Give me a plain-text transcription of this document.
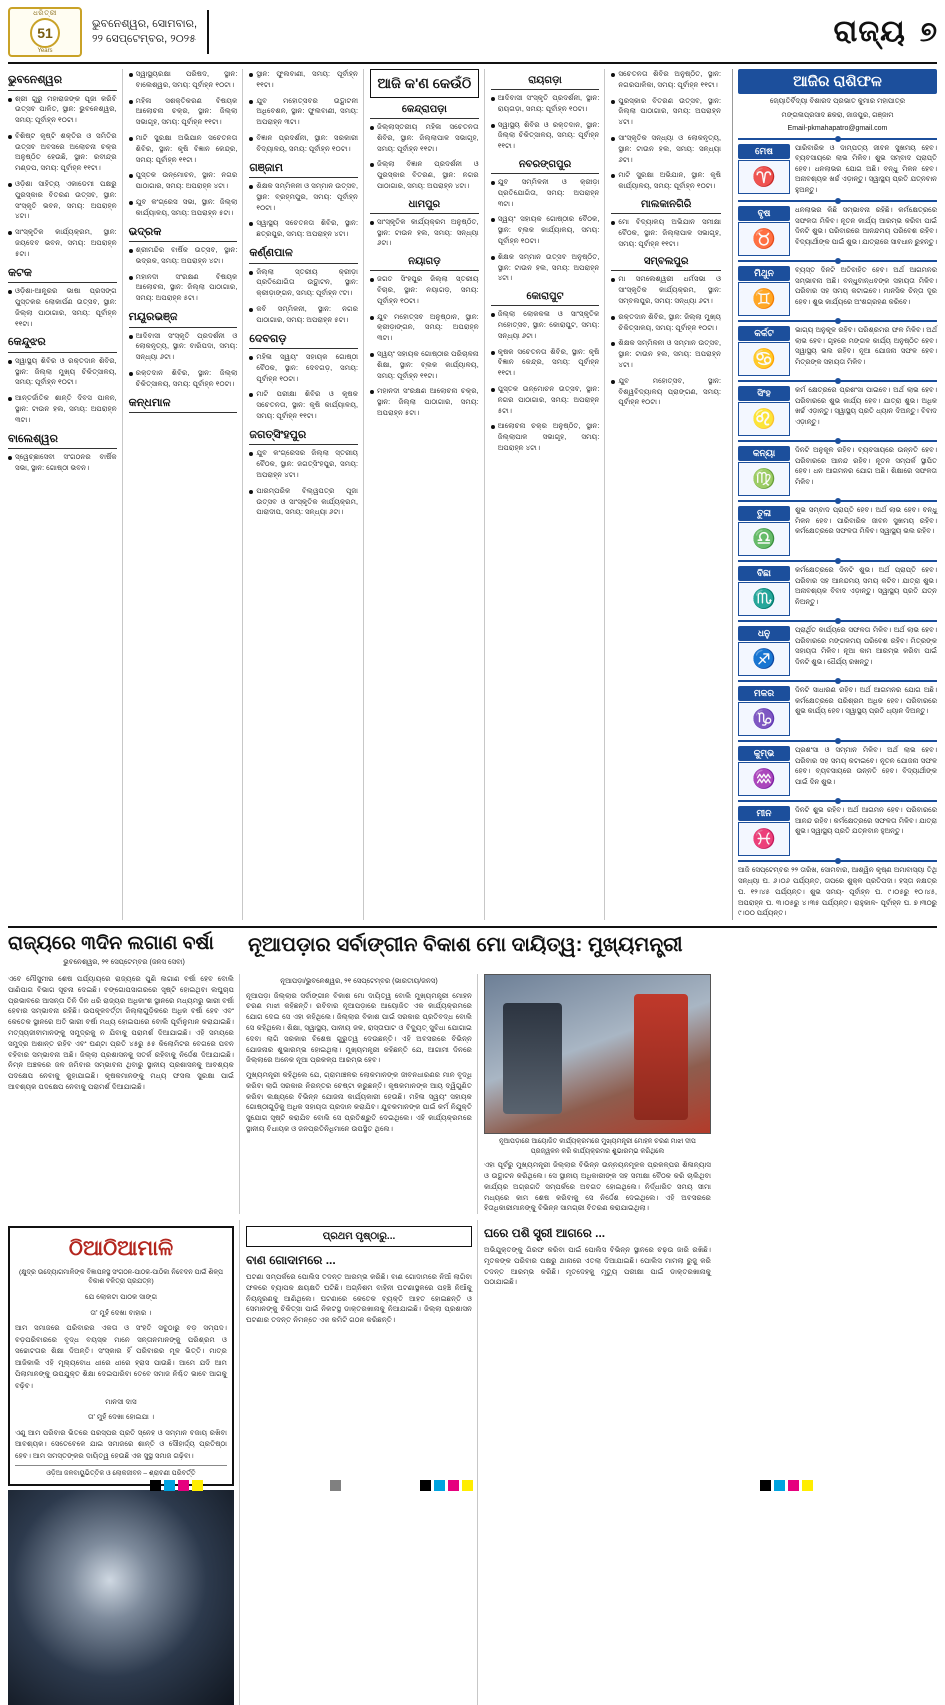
ଧରିତ୍ରୀ
51
Years
ଭୁବନେଶ୍ୱର, ସୋମବାର,
୨୨ ସେପ୍ଟେମ୍ବର, ୨୦୨୫	ରାଜ୍ୟ ୭
ଭୁବନେଶ୍ୱର
ଶ୍ରୀ ଗୁରୁ ମହାରାଜଙ୍କ ପୂଜା କରିବି ଉତ୍ସବ ପାଳିତ, ସ୍ଥାନ: ଭୁବନେଶ୍ୱର, ସମୟ: ପୂର୍ବାହ୍ନ ୧୦ଟା।
ବିଶିଷ୍ଟ କୃଷ୍ଟି ଶକ୍ତିର ଓ ସମିତିର ଉତ୍ସବ ଅବସରେ ଅଲୋଚନା ଚକ୍ର ଅନୁଷ୍ଠିତ ହେଉଛି, ସ୍ଥାନ: ରବୀନ୍ଦ୍ର ମଣ୍ଡପ, ସମୟ: ପୂର୍ବାହ୍ନ ୧୧ଟା।
ଓଡ଼ିଶା ସାହିତ୍ୟ ଏକାଡେମୀ ପକ୍ଷରୁ ପୁରସ୍କାର ବିତରଣ ଉତ୍ସବ, ସ୍ଥାନ: ସଂସ୍କୃତି ଭବନ, ସମୟ: ଅପରାହ୍ନ ୪ଟା।
ସାଂସ୍କୃତିକ କାର୍ଯ୍ୟକ୍ରମ, ସ୍ଥାନ: ଜୟଦେବ ଭବନ, ସମୟ: ଅପରାହ୍ନ ୫ଟା।
କଟକ
ଓଡ଼ିଶା-ଆନ୍ଧ୍ରର ଭାଷା ପ୍ରସଙ୍ଗ ପୁସ୍ତକର ଲୋକାର୍ପଣ ଉତ୍ସବ, ସ୍ଥାନ: ଜିଲ୍ଲା ପାଠାଗାର, ସମୟ: ପୂର୍ବାହ୍ନ ୧୧ଟା।
କେନ୍ଦୁଝର
ସ୍ୱାସ୍ଥ୍ୟ ଶିବିର ଓ ରକ୍ତଦାନ ଶିବିର, ସ୍ଥାନ: ଜିଲ୍ଲା ମୁଖ୍ୟ ଚିକିତ୍ସାଳୟ, ସମୟ: ପୂର୍ବାହ୍ନ ୧୦ଟା।
ଆନ୍ତର୍ଜାତିକ ଶାନ୍ତି ଦିବସ ପାଳନ, ସ୍ଥାନ: ଟାଉନ ହଲ, ସମୟ: ଅପରାହ୍ନ ୩ଟା।
ବାଲେଶ୍ୱର
ସ୍ୱେଚ୍ଛାସେବୀ ସଂଗଠନର ବାର୍ଷିକ ସଭା, ସ୍ଥାନ: ଗୋଷ୍ଠୀ ଭବନ।
ସ୍ୱାସ୍ଥ୍ୟରକ୍ଷା ପରିଷଦ, ସ୍ଥାନ: ବାଲେଶ୍ୱର, ସମୟ: ପୂର୍ବାହ୍ନ ୧୦ଟା।
ମହିଳା ସଶକ୍ତିକରଣ ବିଷୟକ ଆଲୋଚନା ଚକ୍ର, ସ୍ଥାନ: ଜିଲ୍ଲା ସଭାଗୃହ, ସମୟ: ପୂର୍ବାହ୍ନ ୧୧ଟା।
ମାଟି ସୁରକ୍ଷା ଅଭିଯାନ ସଚେତନତା ଶିବିର, ସ୍ଥାନ: କୃଷି ବିଜ୍ଞାନ କେନ୍ଦ୍ର, ସମୟ: ପୂର୍ବାହ୍ନ ୧୧ଟା।
ପୁସ୍ତକ ଉନ୍ମୋଚନ, ସ୍ଥାନ: ନଗର ପାଠାଗାର, ସମୟ: ଅପରାହ୍ନ ୪ଟା।
ଯୁବ କଂଗ୍ରେସ ସଭା, ସ୍ଥାନ: ଜିଲ୍ଲା କାର୍ଯ୍ୟାଳୟ, ସମୟ: ଅପରାହ୍ନ ୫ଟା।
ଭଦ୍ରକ
ଶ୍ରୀମନ୍ଦିର ବାର୍ଷିକ ଉତ୍ସବ, ସ୍ଥାନ: ଭଦ୍ରକ, ସମୟ: ଅପରାହ୍ନ ୪ଟା।
ମହାନଦୀ ସଂରକ୍ଷଣ ବିଷୟକ ଆଲୋଚନା, ସ୍ଥାନ: ଜିଲ୍ଲା ପାଠାଗାର, ସମୟ: ଅପରାହ୍ନ ୫ଟା।
ମୟୂରଭଞ୍ଜ
ଆଦିବାସୀ ସଂସ୍କୃତି ପ୍ରଦର୍ଶନୀ ଓ ଲୋକନୃତ୍ୟ, ସ୍ଥାନ: ବାରିପଦା, ସମୟ: ସନ୍ଧ୍ୟା ୬ଟା।
ରକ୍ତଦାନ ଶିବିର, ସ୍ଥାନ: ଜିଲ୍ଲା ଚିକିତ୍ସାଳୟ, ସମୟ: ପୂର୍ବାହ୍ନ ୧୦ଟା।
କନ୍ଧମାଳ
ସ୍ଥାନ: ଫୁଲବାଣୀ, ସମୟ: ପୂର୍ବାହ୍ନ ୧୧ଟା।
ଯୁବ ମହୋତ୍ସବର ଉଦ୍ଘାଟନୀ ଅଧିବେଶନ, ସ୍ଥାନ: ଫୁଲବାଣୀ, ସମୟ: ଅପରାହ୍ନ ୩ଟା।
ବିଜ୍ଞାନ ପ୍ରଦର୍ଶନୀ, ସ୍ଥାନ: ସରକାରୀ ବିଦ୍ୟାଳୟ, ସମୟ: ପୂର୍ବାହ୍ନ ୧୦ଟା।
ଗଞ୍ଜାମ
ଶିକ୍ଷକ ସମ୍ମିଳନୀ ଓ ସମ୍ମାନ ଉତ୍ସବ, ସ୍ଥାନ: ବ୍ରହ୍ମପୁର, ସମୟ: ପୂର୍ବାହ୍ନ ୧୦ଟା।
ସ୍ୱାସ୍ଥ୍ୟ ସଚେତନତା ଶିବିର, ସ୍ଥାନ: ଛତ୍ରପୁର, ସମୟ: ଅପରାହ୍ନ ୪ଟା।
କର୍ଣ୍ଣପାଳ
ଜିଲ୍ଲା ସ୍ତରୀୟ କ୍ରୀଡ଼ା ପ୍ରତିଯୋଗିତା ଉଦ୍ଘାଟନ, ସ୍ଥାନ: କ୍ରୀଡ଼ାଙ୍ଗନ, ସମୟ: ପୂର୍ବାହ୍ନ ୯ଟା।
କବି ସମ୍ମିଳନୀ, ସ୍ଥାନ: ନଗର ପାଠାଗାର, ସମୟ: ଅପରାହ୍ନ ୫ଟା।
ଦେବଗଡ଼
ମହିଳା ସ୍ୱୟଂ ସହାୟକ ଗୋଷ୍ଠୀ ବୈଠକ, ସ୍ଥାନ: ଦେବଗଡ଼, ସମୟ: ପୂର୍ବାହ୍ନ ୧୦ଟା।
ମାଟି ପରୀକ୍ଷା ଶିବିର ଓ କୃଷକ ସଚେତନତା, ସ୍ଥାନ: କୃଷି କାର୍ଯ୍ୟାଳୟ, ସମୟ: ପୂର୍ବାହ୍ନ ୧୧ଟା।
ଜଗତ୍‌ସିଂହପୁର
ଯୁବ କଂଗ୍ରେସର ଜିଲ୍ଲା ସ୍ତରୀୟ ବୈଠକ, ସ୍ଥାନ: ଜଗତ୍‌ସିଂହପୁର, ସମୟ: ଅପରାହ୍ନ ୪ଟା।
ପାରମ୍ପରିକ ବିଲ୍ୱପତ୍ର ପୂଜା ଉତ୍ସବ ଓ ସାଂସ୍କୃତିକ କାର୍ଯ୍ୟକ୍ରମ, ପାରାଦୀପ, ସମୟ: ସନ୍ଧ୍ୟା ୬ଟା।
ଆଜି କ'ଣ କେଉଁଠି
କେନ୍ଦ୍ରାପଡ଼ା
ଜିଲ୍ଲାସ୍ତରୀୟ ମହିଳା ସଚେତନତା ଶିବିର, ସ୍ଥାନ: ଜିଲ୍ଲାପାଳ ସଭାଗୃହ, ସମୟ: ପୂର୍ବାହ୍ନ ୧୧ଟା।
ଜିଲ୍ଲା ବିଜ୍ଞାନ ପ୍ରଦର୍ଶନୀ ଓ ପୁରସ୍କାର ବିତରଣ, ସ୍ଥାନ: ନଗର ପାଠାଗାର, ସମୟ: ଅପରାହ୍ନ ୪ଟା।
ଧାମପୁର
ସାଂସ୍କୃତିକ କାର୍ଯ୍ୟକ୍ରମ ଅନୁଷ୍ଠିତ, ସ୍ଥାନ: ଟାଉନ ହଲ, ସମୟ: ସନ୍ଧ୍ୟା ୬ଟା।
ନୟାଗଡ଼
ଜଗତ ସିଂହପୁର ଜିଲ୍ଲା ସ୍ତରୀୟ ବିଚାର, ସ୍ଥାନ: ନୟାଗଡ଼, ସମୟ: ପୂର୍ବାହ୍ନ ୧୦ଟା।
ଯୁବ ମହୋତ୍ସବ ଅନୁଷ୍ଠାନ, ସ୍ଥାନ: କ୍ରୀଡ଼ାଙ୍ଗନ, ସମୟ: ଅପରାହ୍ନ ୩ଟା।
ସ୍ୱୟଂ ସହାୟକ ଗୋଷ୍ଠୀର ପରିଚାଳନା ଶିକ୍ଷା, ସ୍ଥାନ: ବ୍ଲକ କାର୍ଯ୍ୟାଳୟ, ସମୟ: ପୂର୍ବାହ୍ନ ୧୧ଟା।
ମହାନଦୀ ସଂରକ୍ଷଣ ଆଲୋଚନା ଚକ୍ର, ସ୍ଥାନ: ଜିଲ୍ଲା ପାଠାଗାର, ସମୟ: ଅପରାହ୍ନ ୫ଟା।
ରାୟଗଡ଼ା
ଆଦିବାସୀ ସଂସ୍କୃତି ପ୍ରଦର୍ଶନୀ, ସ୍ଥାନ: ରାୟଗଡ଼ା, ସମୟ: ପୂର୍ବାହ୍ନ ୧୦ଟା।
ସ୍ୱାସ୍ଥ୍ୟ ଶିବିର ଓ ରକ୍ତଦାନ, ସ୍ଥାନ: ଜିଲ୍ଲା ଚିକିତ୍ସାଳୟ, ସମୟ: ପୂର୍ବାହ୍ନ ୧୧ଟା।
ନବରଙ୍ଗପୁର
ଯୁବ ସମ୍ମିଳନୀ ଓ କ୍ରୀଡ଼ା ପ୍ରତିଯୋଗିତା, ସମୟ: ଅପରାହ୍ନ ୩ଟା।
ସ୍ୱୟଂ ସହାୟକ ଗୋଷ୍ଠୀର ବୈଠକ, ସ୍ଥାନ: ବ୍ଲକ କାର୍ଯ୍ୟାଳୟ, ସମୟ: ପୂର୍ବାହ୍ନ ୧୦ଟା।
ଶିକ୍ଷକ ସମ୍ମାନ ଉତ୍ସବ ଅନୁଷ୍ଠିତ, ସ୍ଥାନ: ଟାଉନ ହଲ, ସମୟ: ଅପରାହ୍ନ ୪ଟା।
କୋରାପୁଟ
ଜିଲ୍ଲା ଲୋକକଳା ଓ ସାଂସ୍କୃତିକ ମହୋତ୍ସବ, ସ୍ଥାନ: କୋରାପୁଟ, ସମୟ: ସନ୍ଧ୍ୟା ୬ଟା।
କୃଷକ ସଚେତନତା ଶିବିର, ସ୍ଥାନ: କୃଷି ବିଜ୍ଞାନ କେନ୍ଦ୍ର, ସମୟ: ପୂର୍ବାହ୍ନ ୧୧ଟା।
ପୁସ୍ତକ ଉନ୍ମୋଚନ ଉତ୍ସବ, ସ୍ଥାନ: ନଗର ପାଠାଗାର, ସମୟ: ଅପରାହ୍ନ ୫ଟା।
ଆଲୋଚନା ଚକ୍ର ଅନୁଷ୍ଠିତ, ସ୍ଥାନ: ଜିଲ୍ଲାପାଳ ସଭାଗୃହ, ସମୟ: ଅପରାହ୍ନ ୪ଟା।
ସଚେତନତା ଶିବିର ଅନୁଷ୍ଠିତ, ସ୍ଥାନ: ନଗରପାଳିକା, ସମୟ: ପୂର୍ବାହ୍ନ ୧୧ଟା।
ପୁରସ୍କାର ବିତରଣ ଉତ୍ସବ, ସ୍ଥାନ: ଜିଲ୍ଲା ପାଠାଗାର, ସମୟ: ଅପରାହ୍ନ ୪ଟା।
ସାଂସ୍କୃତିକ ସନ୍ଧ୍ୟା ଓ ଲୋକନୃତ୍ୟ, ସ୍ଥାନ: ଟାଉନ ହଲ, ସମୟ: ସନ୍ଧ୍ୟା ୬ଟା।
ମାଟି ସୁରକ୍ଷା ଅଭିଯାନ, ସ୍ଥାନ: କୃଷି କାର୍ଯ୍ୟାଳୟ, ସମୟ: ପୂର୍ବାହ୍ନ ୧୦ଟା।
ମାଲକାନଗିରି
ମୋ ବିଦ୍ୟାଳୟ ଅଭିଯାନ ସମୀକ୍ଷା ବୈଠକ, ସ୍ଥାନ: ଜିଲ୍ଲାପାଳ ସଭାଗୃହ, ସମୟ: ପୂର୍ବାହ୍ନ ୧୧ଟା।
ସମ୍ବଲପୁର
ମା ସମଲେଶ୍ୱରୀ ଧର୍ମସଭା ଓ ସାଂସ୍କୃତିକ କାର୍ଯ୍ୟକ୍ରମ, ସ୍ଥାନ: ସମ୍ବଲପୁର, ସମୟ: ସନ୍ଧ୍ୟା ୬ଟା।
ରକ୍ତଦାନ ଶିବିର, ସ୍ଥାନ: ଜିଲ୍ଲା ମୁଖ୍ୟ ଚିକିତ୍ସାଳୟ, ସମୟ: ପୂର୍ବାହ୍ନ ୧୦ଟା।
ଶିକ୍ଷକ ସମ୍ମିଳନୀ ଓ ସମ୍ମାନ ଉତ୍ସବ, ସ୍ଥାନ: ଟାଉନ ହଲ, ସମୟ: ଅପରାହ୍ନ ୪ଟା।
ଯୁବ ମହୋତ୍ସବ, ସ୍ଥାନ: ବିଶ୍ୱବିଦ୍ୟାଳୟ ପ୍ରାଙ୍ଗଣ, ସମୟ: ପୂର୍ବାହ୍ନ ୧୦ଟା।
ଆଜିର ରାଶିଫଳ
ଜ୍ୟୋତିର୍ବିଦ୍ୟା ବିଶାରଦ ପ୍ରଭାତ କୁମାର ମହାପାତ୍ର
ମଙ୍ଗଳାପ୍ରସାଦ ଛକରା, ଜାଜପୁର, ଗଞ୍ଜାମ
Email-pkmahapatro@gmail.com
ମେଷ
♈
ପାରିବାରିକ ଓ ଦାମ୍ପତ୍ୟ ଜୀବନ ସୁଖମୟ ହେବ। ବ୍ୟବସାୟରେ ଲାଭ ମିଳିବ। ଶୁଭ ସମ୍ବାଦ ପ୍ରାପ୍ତି ହେବ। ଧନଲାଭର ଯୋଗ ଅଛି। ବନ୍ଧୁ ମିଳନ ହେବ। ଅନାବଶ୍ୟକ ଖର୍ଚ୍ଚ ଏଡ଼ାନ୍ତୁ। ସ୍ୱାସ୍ଥ୍ୟ ପ୍ରତି ଯତ୍ନବାନ ହୁଅନ୍ତୁ।
ବୃଷ
♉
ଧନଲାଭର କିଛି ସମ୍ଭାବନା ରହିଛି। କର୍ମକ୍ଷେତ୍ରରେ ସଫଳତା ମିଳିବ। ନୂତନ କାର୍ଯ୍ୟ ଆରମ୍ଭ କରିବା ପାଇଁ ଦିନଟି ଶୁଭ। ପରିବାରରେ ଆନନ୍ଦମୟ ପରିବେଶ ରହିବ। ବିଦ୍ୟାର୍ଥୀଙ୍କ ପାଇଁ ଶୁଭ। ଯାତ୍ରାରେ ସାବଧାନ ରୁହନ୍ତୁ।
ମିଥୁନ
♊
ବ୍ୟସ୍ତ ଦିନଟି ଅତିବାହିତ ହେବ। ଅର୍ଥ ଆଗମନର ସମ୍ଭାବନା ଅଛି। ବନ୍ଧୁବାନ୍ଧବଙ୍କ ସହାୟତା ମିଳିବ। ପରିବାର ସହ ସମୟ କଟାଇବେ। ମାନସିକ ଚିନ୍ତା ଦୂର ହେବ। ଶୁଭ କାର୍ଯ୍ୟରେ ଅଂଶଗ୍ରହଣ କରିବେ।
କର୍କଟ
♋
ଭାଗ୍ୟ ଅନୁକୂଳ ରହିବ। ପରିଶ୍ରମର ଫଳ ମିଳିବ। ଅର୍ଥ ଲାଭ ହେବ। ଗୃହରେ ମଙ୍ଗଳ କାର୍ଯ୍ୟ ଅନୁଷ୍ଠିତ ହେବ। ସ୍ୱାସ୍ଥ୍ୟ ଭଲ ରହିବ। ନୂଆ ଯୋଜନା ସଫଳ ହେବ। ମିତ୍ରଙ୍କ ସହାୟତା ମିଳିବ।
ସିଂହ
♌
କର୍ମ କ୍ଷେତ୍ରରେ ପ୍ରଶଂସା ପାଇବେ। ଅର୍ଥ ଲାଭ ହେବ। ପରିବାରରେ ଶୁଭ କାର୍ଯ୍ୟ ହେବ। ଯାତ୍ରା ଶୁଭ। ଅଧିକ ଖର୍ଚ୍ଚ ଏଡ଼ାନ୍ତୁ। ସ୍ୱାସ୍ଥ୍ୟ ପ୍ରତି ଧ୍ୟାନ ଦିଅନ୍ତୁ। ବିବାଦ ଏଡ଼ାନ୍ତୁ।
କନ୍ୟା
♍
ଦିନଟି ଅନୁକୂଳ ରହିବ। ବ୍ୟବସାୟରେ ଉନ୍ନତି ହେବ। ପରିବାରରେ ଆନନ୍ଦ ରହିବ। ନୂତନ ସମ୍ପର୍କ ସ୍ଥାପିତ ହେବ। ଧନ ଆଗମନର ଯୋଗ ଅଛି। ଶିକ୍ଷାରେ ସଫଳତା ମିଳିବ।
ତୁଳା
♎
ଶୁଭ ସମ୍ବାଦ ପ୍ରାପ୍ତି ହେବ। ଅର୍ଥ ଲାଭ ହେବ। ବନ୍ଧୁ ମିଳନ ହେବ। ପାରିବାରିକ ଜୀବନ ସୁଖମୟ ରହିବ। କର୍ମକ୍ଷେତ୍ରରେ ସଫଳତା ମିଳିବ। ସ୍ୱାସ୍ଥ୍ୟ ଭଲ ରହିବ।
ବିଛା
♏
କର୍ମକ୍ଷେତ୍ରରେ ଦିନଟି ଶୁଭ। ଅର୍ଥ ପ୍ରାପ୍ତି ହେବ। ପରିବାର ସହ ଆନନ୍ଦମୟ ସମୟ କଟିବ। ଯାତ୍ରା ଶୁଭ। ଅନାବଶ୍ୟକ ବିବାଦ ଏଡ଼ାନ୍ତୁ। ସ୍ୱାସ୍ଥ୍ୟ ପ୍ରତି ଯତ୍ନ ନିଅନ୍ତୁ।
ଧନୁ
♐
ପ୍ରାର୍ଥିତ କାର୍ଯ୍ୟରେ ସଫଳତା ମିଳିବ। ଅର୍ଥ ଲାଭ ହେବ। ପରିବାରରେ ମଙ୍ଗଳମୟ ପରିବେଶ ରହିବ। ମିତ୍ରଙ୍କ ସହାୟତା ମିଳିବ। ନୂଆ କାମ ଆରମ୍ଭ କରିବା ପାଇଁ ଦିନଟି ଶୁଭ। ଧୈର୍ଯ୍ୟ ରଖନ୍ତୁ।
ମକର
♑
ଦିନଟି ସାଧାରଣ ରହିବ। ଅର୍ଥ ଆଗମନର ଯୋଗ ଅଛି। କର୍ମକ୍ଷେତ୍ରରେ ପରିଶ୍ରମ ଅଧିକ ହେବ। ପରିବାରରେ ଶୁଭ କାର୍ଯ୍ୟ ହେବ। ସ୍ୱାସ୍ଥ୍ୟ ପ୍ରତି ଧ୍ୟାନ ଦିଅନ୍ତୁ।
କୁମ୍ଭ
♒
ପ୍ରଶଂସା ଓ ସମ୍ମାନ ମିଳିବ। ଅର୍ଥ ଲାଭ ହେବ। ପରିବାର ସହ ସମୟ କଟାଇବେ। ନୂତନ ଯୋଜନା ସଫଳ ହେବ। ବ୍ୟବସାୟରେ ଉନ୍ନତି ହେବ। ବିଦ୍ୟାର୍ଥୀଙ୍କ ପାଇଁ ଦିନ ଶୁଭ।
ମୀନ
♓
ଦିନଟି ଶୁଭ ରହିବ। ଅର୍ଥ ଆଗମନ ହେବ। ପରିବାରରେ ଆନନ୍ଦ ରହିବ। କର୍ମକ୍ଷେତ୍ରରେ ସଫଳତା ମିଳିବ। ଯାତ୍ରା ଶୁଭ। ସ୍ୱାସ୍ଥ୍ୟ ପ୍ରତି ଯତ୍ନବାନ ହୁଅନ୍ତୁ।
ଆଜି ସେପ୍ଟେମ୍ବର ୨୨ ତାରିଖ, ସୋମବାର, ଆଶ୍ୱିନ କୃଷ୍ଣ ଅମାବାସ୍ୟା ତିଥି ସନ୍ଧ୍ୟା ଘ. ୬।୦୬ ପର୍ଯ୍ୟନ୍ତ, ତାପରେ ଶୁକ୍ଳ ପ୍ରତିପଦା। ହସ୍ତା ନକ୍ଷତ୍ର ଘ. ୧୨।୪୫ ପର୍ଯ୍ୟନ୍ତ। ଶୁଭ ସମୟ- ପୂର୍ବାହ୍ନ ଘ. ୯।୦୫ରୁ ୧୦।୪୫, ଅପରାହ୍ନ ଘ. ୩।୦୫ରୁ ୪।୩୫ ପର୍ଯ୍ୟନ୍ତ। ରାହୁକାଳ- ପୂର୍ବାହ୍ନ ଘ. ୭।୩୦ରୁ ୯।୦୦ ପର୍ଯ୍ୟନ୍ତ।
ରାଜ୍ୟରେ ୩ଦିନ ଲଗାଣ ବର୍ଷା
ଭୁବନେଶ୍ୱର, ୨୧ ସେପ୍ଟେମ୍ବର (ଜନସ ସେବା)
ନୂଆପଡ଼ାର ସର୍ବାଙ୍ଗୀନ ବିକାଶ ମୋ ଦାୟିତ୍ୱ: ମୁଖ୍ୟମନ୍ତ୍ରୀ
ଏବେ ମୌସୁମୀର ଶେଷ ପର୍ଯ୍ୟାୟରେ ରାଜ୍ୟରେ ପୁଣି ଲଗାଣ ବର୍ଷା ହେବ ବୋଲି ପାଣିପାଗ ବିଭାଗ ସୂଚନା ଦେଇଛି। ବଙ୍ଗୋପସାଗରରେ ସୃଷ୍ଟି ହୋଇଥିବା ଲଘୁଚାପ ପ୍ରଭାବରେ ଆସନ୍ତା ତିନି ଦିନ ଧରି ରାଜ୍ୟର ଅଧିକାଂଶ ସ୍ଥାନରେ ମଧ୍ୟମରୁ ଭାରୀ ବର୍ଷା ହେବାର ସମ୍ଭାବନା ରହିଛି। ଉପକୂଳବର୍ତ୍ତୀ ଜିଲ୍ଲାଗୁଡ଼ିକରେ ଅଧିକ ବର୍ଷା ହେବ ଏବଂ କେତେକ ସ୍ଥାନରେ ଅତି ଭାରୀ ବର୍ଷା ମଧ୍ୟ ହୋଇପାରେ ବୋଲି ପୂର୍ବାନୁମାନ କରାଯାଇଛି। ମତ୍ସ୍ୟଜୀବୀମାନଙ୍କୁ ସମୁଦ୍ରକୁ ନ ଯିବାକୁ ପରାମର୍ଶ ଦିଆଯାଇଛି। ଏହି ସମୟରେ ସମୁଦ୍ର ଅଶାନ୍ତ ରହିବ ଏବଂ ଘଣ୍ଟା ପ୍ରତି ୪୫ରୁ ୫୫ କିଲୋମିଟର ବେଗରେ ପବନ ବହିବାର ସମ୍ଭାବନା ଅଛି। ଜିଲ୍ଲା ପ୍ରଶାସନକୁ ସତର୍କ ରହିବାକୁ ନିର୍ଦ୍ଦେଶ ଦିଆଯାଇଛି। ନିମ୍ନ ଅଞ୍ଚଳରେ ଜଳ ଜମିବାର ସମ୍ଭାବନା ଥିବାରୁ ସ୍ଥାନୀୟ ପ୍ରଶାସନକୁ ଆବଶ୍ୟକ ପଦକ୍ଷେପ ନେବାକୁ କୁହାଯାଇଛି। କୃଷକମାନଙ୍କୁ ମଧ୍ୟ ଫସଲ ସୁରକ୍ଷା ପାଇଁ ଆବଶ୍ୟକ ପଦକ୍ଷେପ ନେବାକୁ ପରାମର୍ଶ ଦିଆଯାଇଛି।
ନୂଆପଡ଼ା/ଭୁବନେଶ୍ୱର, ୨୧ ସେପ୍ଟେମ୍ବର (ଭାରତୀୟ/ଜନସ)
ନୂଆପଡ଼ା ଜିଲ୍ଲାର ସର୍ବାଙ୍ଗୀନ ବିକାଶ ମୋ ଦାୟିତ୍ୱ ବୋଲି ମୁଖ୍ୟମନ୍ତ୍ରୀ ମୋହନ ଚରଣ ମାଝୀ କହିଛନ୍ତି। ରବିବାର ନୂଆପଡ଼ାରେ ଆୟୋଜିତ ଏକ କାର୍ଯ୍ୟକ୍ରମରେ ଯୋଗ ଦେଇ ସେ ଏହା କହିଥିଲେ। ଜିଲ୍ଲାର ବିକାଶ ପାଇଁ ସରକାର ପ୍ରତିବଦ୍ଧ ବୋଲି ସେ କହିଥିଲେ। ଶିକ୍ଷା, ସ୍ୱାସ୍ଥ୍ୟ, ପାନୀୟ ଜଳ, ରାସ୍ତାଘାଟ ଓ ବିଦ୍ୟୁତ୍ ସୁବିଧା ଯୋଗାଇ ଦେବା ଲାଗି ସରକାର ବିଶେଷ ଗୁରୁତ୍ୱ ଦେଉଛନ୍ତି। ଏହି ଅବସରରେ ବିଭିନ୍ନ ଯୋଜନାର ଶୁଭାରମ୍ଭ ହୋଇଥିଲା। ମୁଖ୍ୟମନ୍ତ୍ରୀ କହିଛନ୍ତି ଯେ, ଆଗାମୀ ଦିନରେ ଜିଲ୍ଲାରେ ଅନେକ ନୂଆ ପ୍ରକଳ୍ପ ଆରମ୍ଭ ହେବ।
ମୁଖ୍ୟମନ୍ତ୍ରୀ କହିଥିଲେ ଯେ, ଗ୍ରାମାଞ୍ଚଳର ଲୋକମାନଙ୍କ ଜୀବନଧାରଣର ମାନ ବୃଦ୍ଧି କରିବା ଲାଗି ସରକାର ନିରନ୍ତର ଚେଷ୍ଟା କରୁଛନ୍ତି। କୃଷକମାନଙ୍କ ଆୟ ଦ୍ୱିଗୁଣିତ କରିବା ଲକ୍ଷ୍ୟରେ ବିଭିନ୍ନ ଯୋଜନା କାର୍ଯ୍ୟକାରୀ ହେଉଛି। ମହିଳା ସ୍ୱୟଂ ସହାୟକ ଗୋଷ୍ଠୀଗୁଡ଼ିକୁ ଅଧିକ ସହାୟତା ପ୍ରଦାନ କରାଯିବ। ଯୁବକମାନଙ୍କ ପାଇଁ କର୍ମ ନିଯୁକ୍ତି ସୁଯୋଗ ସୃଷ୍ଟି କରାଯିବ ବୋଲି ସେ ପ୍ରତିଶ୍ରୁତି ଦେଇଥିଲେ। ଏହି କାର୍ଯ୍ୟକ୍ରମରେ ସ୍ଥାନୀୟ ବିଧାୟକ ଓ ଜନପ୍ରତିନିଧିମାନେ ଉପସ୍ଥିତ ଥିଲେ।
ନୂଆପଡ଼ାରେ ଆୟୋଜିତ କାର୍ଯ୍ୟକ୍ରମରେ ମୁଖ୍ୟମନ୍ତ୍ରୀ ମୋହନ ଚରଣ ମାଝୀ ଦୀପ ପ୍ରଜ୍ୱଳନ କରି କାର୍ଯ୍ୟକ୍ରମର ଶୁଭାରମ୍ଭ କରିଥିଲେ
ଏହା ପୂର୍ବରୁ ମୁଖ୍ୟମନ୍ତ୍ରୀ ଜିଲ୍ଲାର ବିଭିନ୍ନ ଉନ୍ନୟନମୂଳକ ପ୍ରକଳ୍ପର ଶିଳାନ୍ୟାସ ଓ ଉଦ୍ଘାଟନ କରିଥିଲେ। ସେ ସ୍ଥାନୀୟ ଅଧିକାରୀଙ୍କ ସହ ସମୀକ୍ଷା ବୈଠକ କରି ଚାଲିଥିବା କାର୍ଯ୍ୟର ଅଗ୍ରଗତି ସମ୍ପର୍କରେ ଅବଗତ ହୋଇଥିଲେ। ନିର୍ଦ୍ଧାରିତ ସମୟ ସୀମା ମଧ୍ୟରେ କାମ ଶେଷ କରିବାକୁ ସେ ନିର୍ଦ୍ଦେଶ ଦେଇଥିଲେ। ଏହି ଅବସରରେ ହିତାଧିକାରୀମାନଙ୍କୁ ବିଭିନ୍ନ ସାମଗ୍ରୀ ବିତରଣ କରାଯାଇଥିଲା।
ଠିଆଠିଆମାଳି
(କ୍ଷୁଦ୍ର ଉଦ୍ୟୋଗମାଳିଙ୍କ ବିଜ୍ଞାପନସ୍ଥ ସଂଗଠନ-ପାଠକ-ପାଠିକା ନିବେଦନ ପାଇଁ ଶିଳ୍ପ ବିକାଶ ବଳିତ୍ରା ପ୍ରଯତ୍ନ)
ଯେ ଲୋକଟା ପାଠକ ସାଙ୍ଗ
ତା' ମୁହଁ ଦେଖା ବାହାର ।
ଆମ ସମାଜରେ ପରିବାରର ଏକତା ଓ ସଂହତି ସବୁଠାରୁ ବଡ଼ ସମ୍ପଦ। ବଡ଼ପରିବାରରେ ବୃଦ୍ଧ ବୟସ୍କ ମାନେ ସନ୍ତାନମାନଙ୍କୁ ପରିଶ୍ରମ ଓ ସଚ୍ଚୋଟତାର ଶିକ୍ଷା ଦିଅନ୍ତି। ସଂସ୍କାର ହିଁ ପରିବାରର ମୂଳ ଭିତ୍ତି। ମାତ୍ର ଆଜିକାଲି ଏହି ମୂଲ୍ୟବୋଧ ଧୀରେ ଧୀରେ ହ୍ରାସ ପାଉଛି। ଆମେ ଯଦି ଆମ ପିଲାମାନଙ୍କୁ ଉପଯୁକ୍ତ ଶିକ୍ଷା ଦେଇପାରିବା ତେବେ ସମାଜ ନିଶ୍ଚିତ ଭାବେ ଆଗକୁ ବଢ଼ିବ।
ମାନସୀ ଦାସ
ତା' ମୁହଁ ଦେଖା ହୋଇଯା ।
ଏଣୁ ଆମ ପରିବାର ଭିତରେ ପରସ୍ପର ପ୍ରତି ସ୍ନେହ ଓ ସମ୍ମାନ ବଜାୟ ରଖିବା ଆବଶ୍ୟକ। ସେତେବେଳେ ଯାଇ ସମାଜରେ ଶାନ୍ତି ଓ ସୌହାର୍ଦ୍ଦ୍ୟ ପ୍ରତିଷ୍ଠା ହେବ। ଆମ ସମସ୍ତଙ୍କର ଦାୟିତ୍ୱ ହେଉଛି ଏକ ସୁସ୍ଥ ସମାଜ ଗଢ଼ିବା।
ଓଡ଼ିଆ ଜଳବାୟୁଭିତ୍ତିକ ଓ ଲୋକଜୀବନ – ଶ୍ରାବଣୀ ପରିବର୍ତ୍ତି
ପ୍ରଥମ ପୃଷ୍ଠାରୁ...
ବାଣ ଗୋଦାମରେ ...
ଘଟଣା ସମ୍ପର୍କରେ ପୋଲିସ ତଦନ୍ତ ଆରମ୍ଭ କରିଛି। ବାଣ ଗୋଦାମରେ ନିଆଁ ଲାଗିବା ଫଳରେ ବ୍ୟାପକ କ୍ଷୟକ୍ଷତି ଘଟିଛି। ଅଗ୍ନିଶମ ବାହିନୀ ଘଟଣାସ୍ଥଳରେ ପହଞ୍ଚି ନିଆଁକୁ ନିୟନ୍ତ୍ରଣକୁ ଆଣିଥିଲେ। ଘଟଣାରେ କେତେକ ବ୍ୟକ୍ତି ଆହତ ହୋଇଛନ୍ତି ଓ ସେମାନଙ୍କୁ ଚିକିତ୍ସା ପାଇଁ ନିକଟସ୍ଥ ଡାକ୍ତରଖାନାକୁ ନିଆଯାଇଛି। ଜିଲ୍ଲା ପ୍ରଶାସନ ଘଟଣାର ତଦନ୍ତ ନିମନ୍ତେ ଏକ କମିଟି ଗଠନ କରିଛନ୍ତି।
ଘରେ ପଶି ସ୍ତ୍ରୀ ଆଗରେ ...
ଅଭିଯୁକ୍ତଙ୍କୁ ଗିରଫ କରିବା ପାଇଁ ପୋଲିସ ବିଭିନ୍ନ ସ୍ଥାନରେ ଚଢ଼ଉ ଜାରି ରଖିଛି। ମୃତକଙ୍କ ପରିବାର ପକ୍ଷରୁ ଥାନାରେ ଏତଲା ଦିଆଯାଇଛି। ପୋଲିସ ମାମଲା ରୁଜୁ କରି ତଦନ୍ତ ଆରମ୍ଭ କରିଛି। ମୃତଦେହକୁ ମୃତ୍ୟୁ ପରୀକ୍ଷା ପାଇଁ ଡାକ୍ତରଖାନାକୁ ପଠାଯାଇଛି।
